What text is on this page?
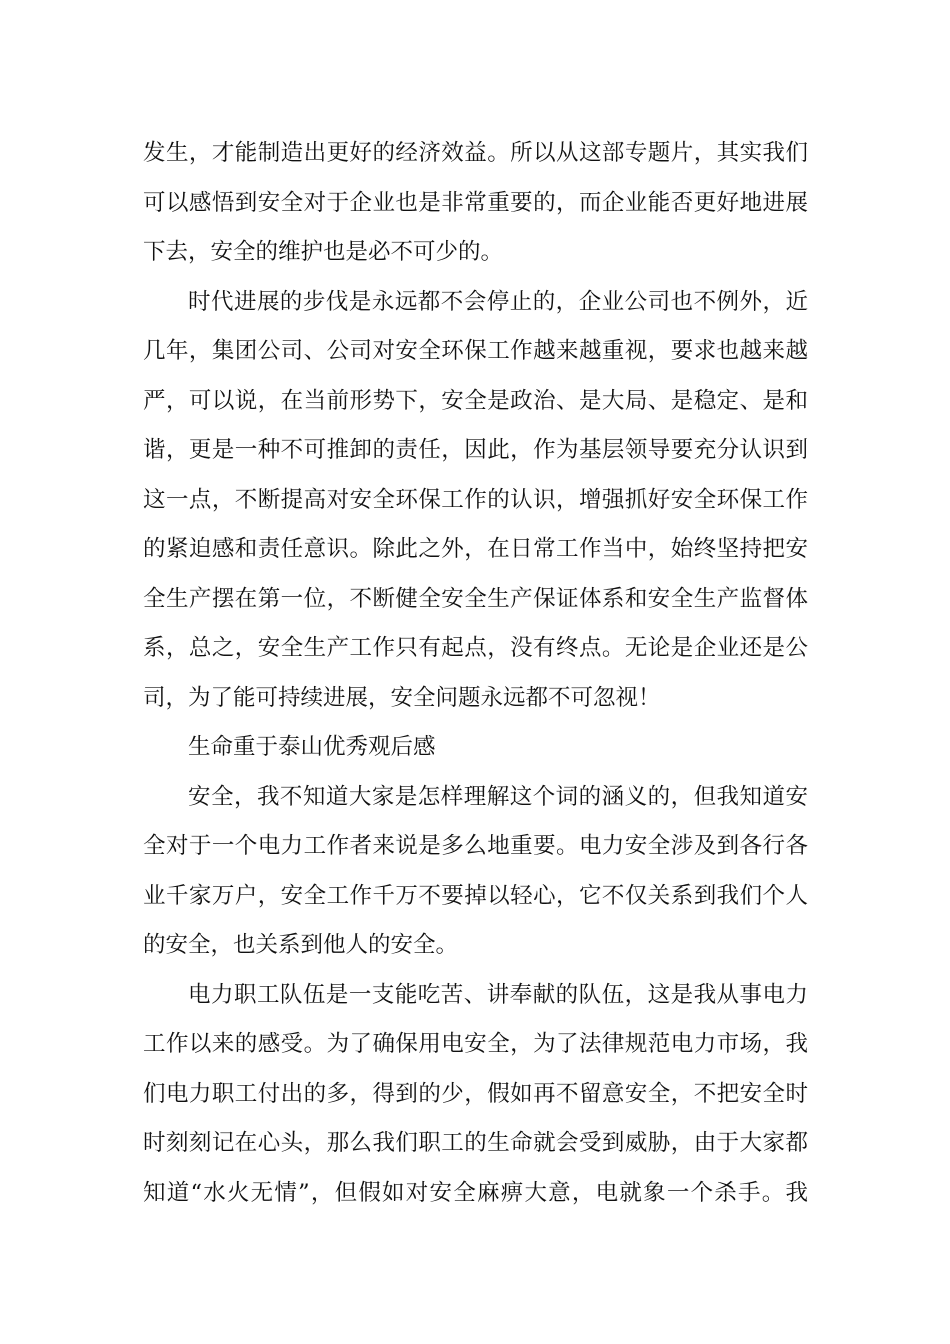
发生，才能制造出更好的经济效益。所以从这部专题片，其实我们
可以感悟到安全对于企业也是非常重要的，而企业能否更好地进展
下去，安全的维护也是必不可少的。
时代进展的步伐是永远都不会停止的，企业公司也不例外，近
几年，集团公司、公司对安全环保工作越来越重视，要求也越来越
严，可以说，在当前形势下，安全是政治、是大局、是稳定、是和
谐，更是一种不可推卸的责任，因此，作为基层领导要充分认识到
这一点，不断提高对安全环保工作的认识，增强抓好安全环保工作
的紧迫感和责任意识。除此之外，在日常工作当中，始终坚持把安
全生产摆在第一位，不断健全安全生产保证体系和安全生产监督体
系，总之，安全生产工作只有起点，没有终点。无论是企业还是公
司，为了能可持续进展，安全问题永远都不可忽视！
生命重于泰山优秀观后感
安全，我不知道大家是怎样理解这个词的涵义的，但我知道安
全对于一个电力工作者来说是多么地重要。电力安全涉及到各行各
业千家万户，安全工作千万不要掉以轻心，它不仅关系到我们个人
的安全，也关系到他人的安全。
电力职工队伍是一支能吃苦、讲奉献的队伍，这是我从事电力
工作以来的感受。为了确保用电安全，为了法律规范电力市场，我
们电力职工付出的多，得到的少，假如再不留意安全，不把安全时
时刻刻记在心头，那么我们职工的生命就会受到威胁，由于大家都
知道“水火无情”，但假如对安全麻痹大意，电就象一个杀手。我
